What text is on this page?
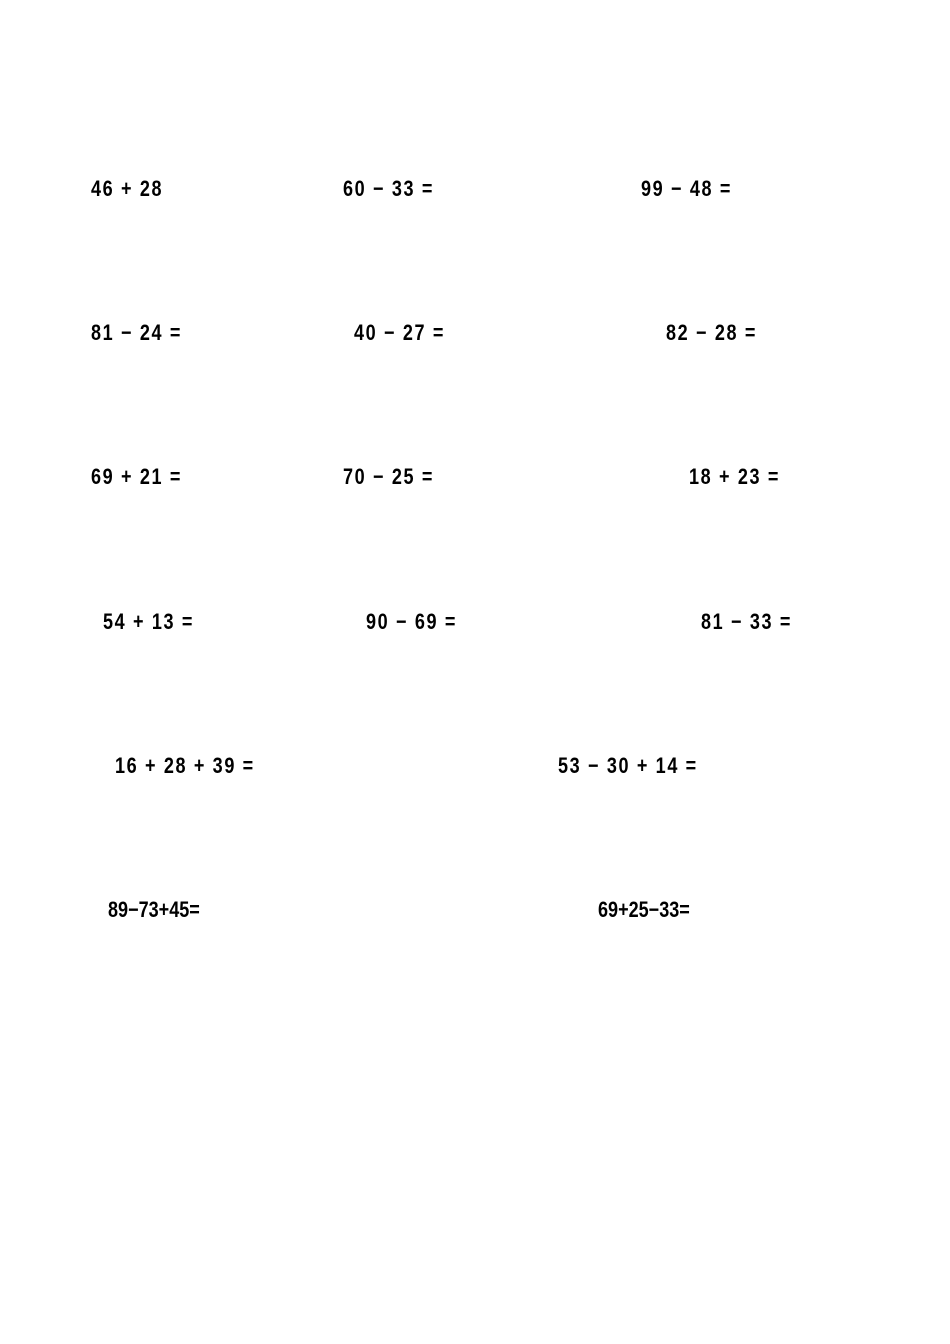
46 + 28	60 − 33 =	99 − 48 =
81 − 24 =	40 − 27 =	82 − 28 =
69 + 21 =	70 − 25 =	18 + 23 =
54 + 13 =	90 − 69 =	81 − 33 =
16 + 28 + 39 =	53 − 30 + 14 =
89−73+45=	69+25−33=
